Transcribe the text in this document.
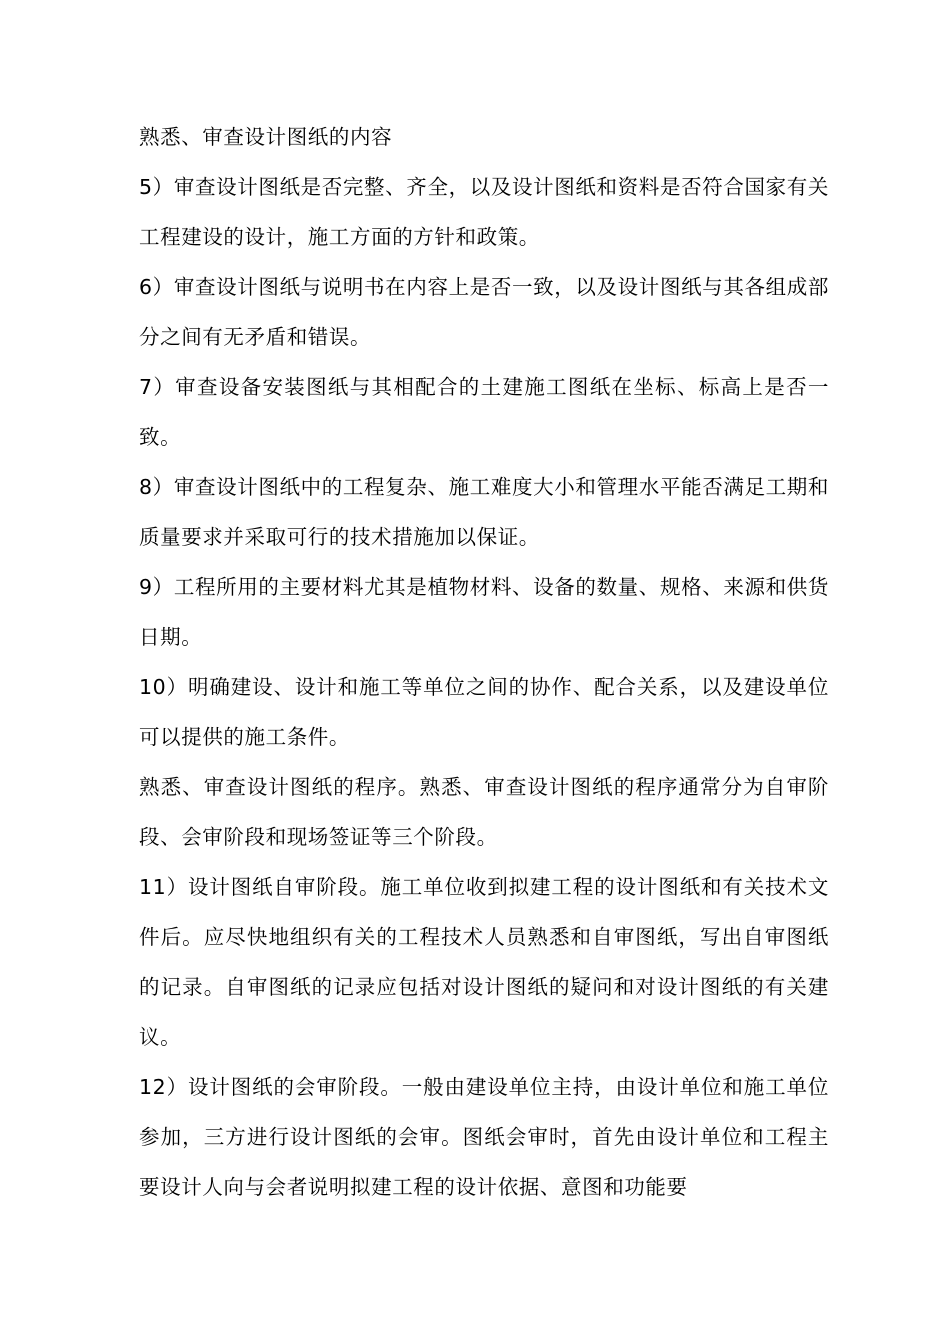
熟悉、审查设计图纸的内容

5）审查设计图纸是否完整、齐全，以及设计图纸和资料是否符合国家有关工程建设的设计，施工方面的方针和政策。

6）审查设计图纸与说明书在内容上是否一致，以及设计图纸与其各组成部分之间有无矛盾和错误。

7）审查设备安装图纸与其相配合的土建施工图纸在坐标、标高上是否一致。

8）审查设计图纸中的工程复杂、施工难度大小和管理水平能否满足工期和质量要求并采取可行的技术措施加以保证。

9）工程所用的主要材料尤其是植物材料、设备的数量、规格、来源和供货日期。

10）明确建设、设计和施工等单位之间的协作、配合关系，以及建设单位可以提供的施工条件。

熟悉、审查设计图纸的程序。熟悉、审查设计图纸的程序通常分为自审阶段、会审阶段和现场签证等三个阶段。

11）设计图纸自审阶段。施工单位收到拟建工程的设计图纸和有关技术文件后。应尽快地组织有关的工程技术人员熟悉和自审图纸，写出自审图纸的记录。自审图纸的记录应包括对设计图纸的疑问和对设计图纸的有关建议。

12）设计图纸的会审阶段。一般由建设单位主持，由设计单位和施工单位参加，三方进行设计图纸的会审。图纸会审时，首先由设计单位和工程主要设计人向与会者说明拟建工程的设计依据、意图和功能要
